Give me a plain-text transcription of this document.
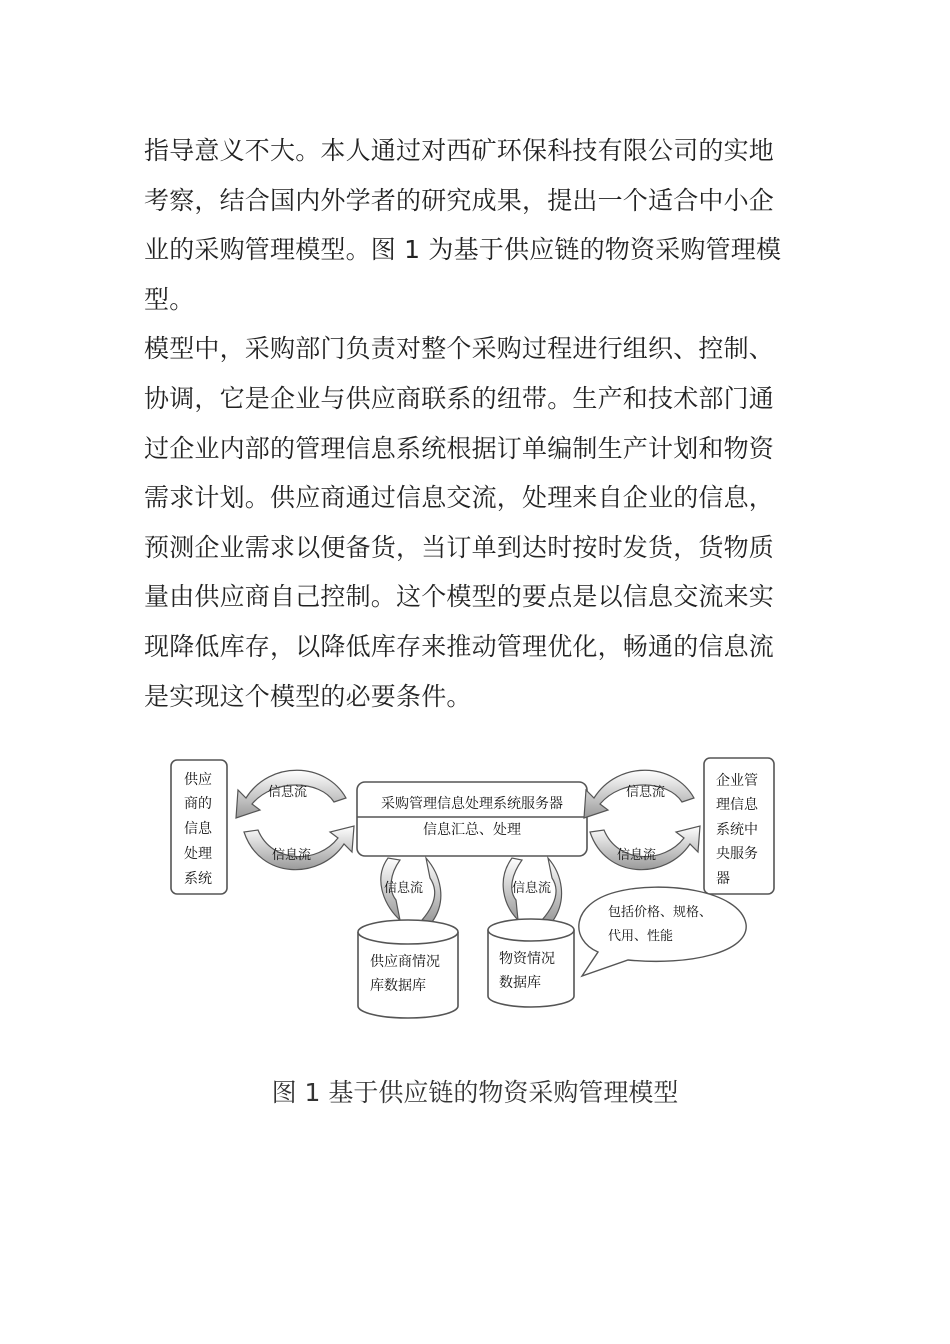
指导意义不大。本人通过对西矿环保科技有限公司的实地
考察，结合国内外学者的研究成果，提出一个适合中小企
业的采购管理模型。图 1 为基于供应链的物资采购管理模
型。
模型中，采购部门负责对整个采购过程进行组织、控制、
协调，它是企业与供应商联系的纽带。生产和技术部门通
过企业内部的管理信息系统根据订单编制生产计划和物资
需求计划。供应商通过信息交流，处理来自企业的信息，
预测企业需求以便备货，当订单到达时按时发货，货物质
量由供应商自己控制。这个模型的要点是以信息交流来实
现降低库存，以降低库存来推动管理优化，畅通的信息流
是实现这个模型的必要条件。
供应
商的
信息
处理
系统
企业管
理信息
系统中
央服务
器
采购管理信息处理系统服务器
信息汇总、处理
信息流
信息流
信息流
信息流
信息流	信息流
供应商情况
库数据库
物资情况
数据库
包括价格、规格、
代用、性能
图 1 基于供应链的物资采购管理模型
